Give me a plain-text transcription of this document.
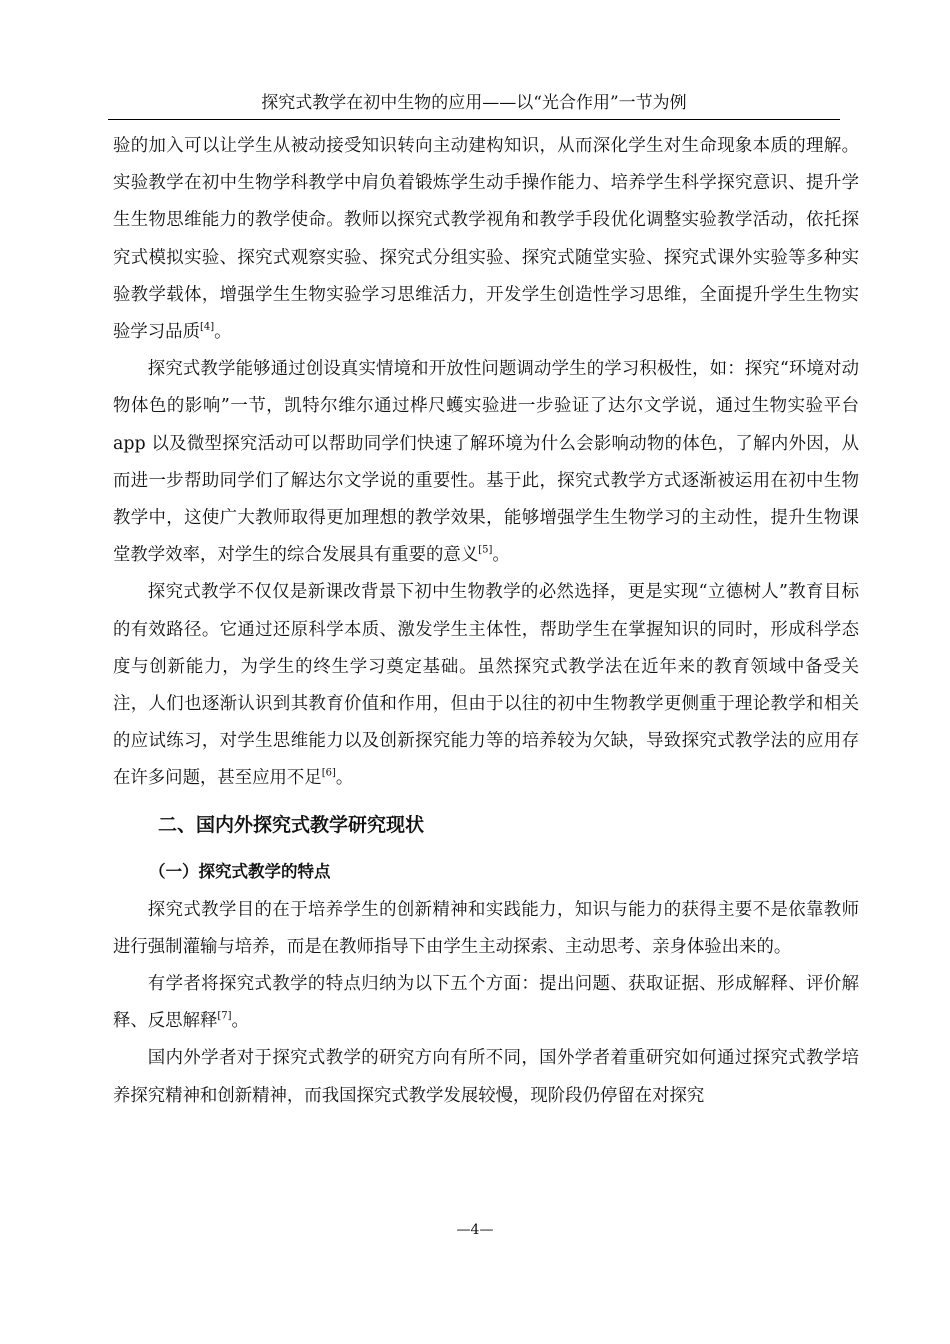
探究式教学在初中生物的应用——以“光合作用”一节为例

验的加入可以让学生从被动接受知识转向主动建构知识，从而深化学生对生命现象本质的理解。实验教学在初中生物学科教学中肩负着锻炼学生动手操作能力、培养学生科学探究意识、提升学生生物思维能力的教学使命。教师以探究式教学视角和教学手段优化调整实验教学活动，依托探究式模拟实验、探究式观察实验、探究式分组实验、探究式随堂实验、探究式课外实验等多种实验教学载体，增强学生生物实验学习思维活力，开发学生创造性学习思维，全面提升学生生物实验学习品质[4]。

探究式教学能够通过创设真实情境和开放性问题调动学生的学习积极性，如：探究“环境对动物体色的影响”一节，凯特尔维尔通过桦尺蠖实验进一步验证了达尔文学说，通过生物实验平台 app 以及微型探究活动可以帮助同学们快速了解环境为什么会影响动物的体色，了解内外因，从而进一步帮助同学们了解达尔文学说的重要性。基于此，探究式教学方式逐渐被运用在初中生物教学中，这使广大教师取得更加理想的教学效果，能够增强学生生物学习的主动性，提升生物课堂教学效率，对学生的综合发展具有重要的意义[5]。

探究式教学不仅仅是新课改背景下初中生物教学的必然选择，更是实现“立德树人”教育目标的有效路径。它通过还原科学本质、激发学生主体性，帮助学生在掌握知识的同时，形成科学态度与创新能力，为学生的终生学习奠定基础。虽然探究式教学法在近年来的教育领域中备受关注，人们也逐渐认识到其教育价值和作用，但由于以往的初中生物教学更侧重于理论教学和相关的应试练习，对学生思维能力以及创新探究能力等的培养较为欠缺，导致探究式教学法的应用存在许多问题，甚至应用不足[6]。

二、国内外探究式教学研究现状
（一）探究式教学的特点

探究式教学目的在于培养学生的创新精神和实践能力，知识与能力的获得主要不是依靠教师进行强制灌输与培养，而是在教师指导下由学生主动探索、主动思考、亲身体验出来的。

有学者将探究式教学的特点归纳为以下五个方面：提出问题、获取证据、形成解释、评价解释、反思解释[7]。

国内外学者对于探究式教学的研究方向有所不同，国外学者着重研究如何通过探究式教学培养探究精神和创新精神，而我国探究式教学发展较慢，现阶段仍停留在对探究

—4—
